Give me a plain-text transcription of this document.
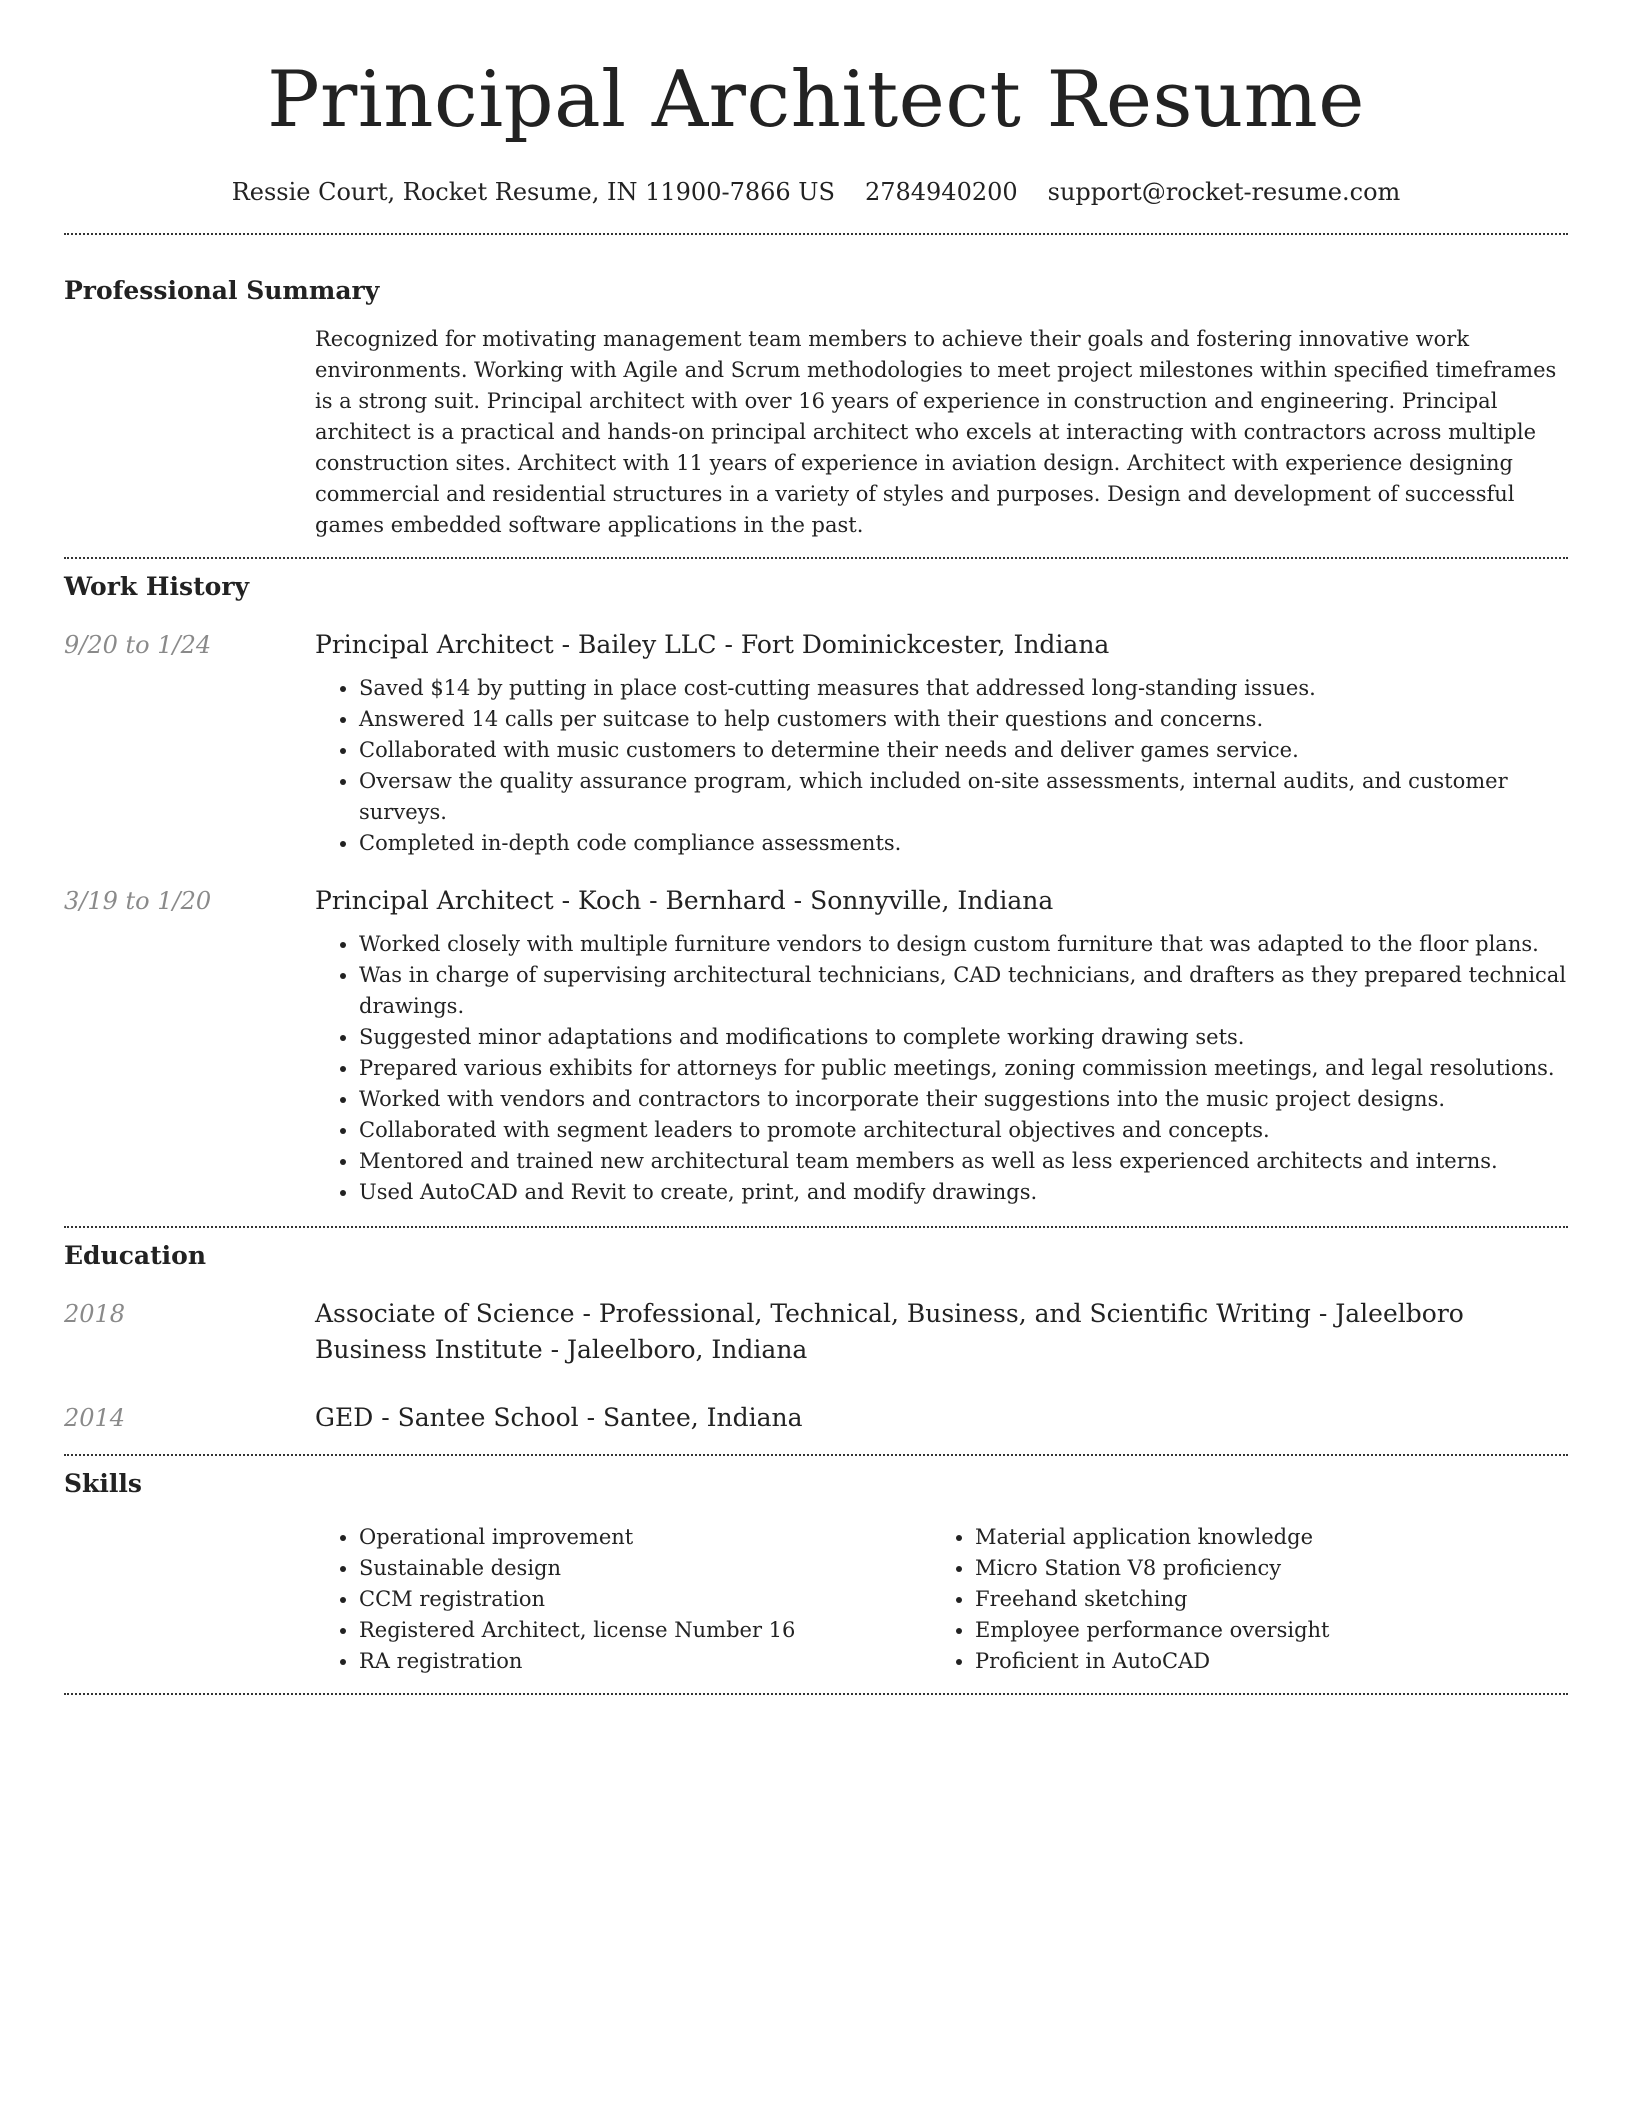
Principal Architect Resume
Ressie Court, Rocket Resume, IN 11900-7866 US 2784940200 support@rocket-resume.com
Professional Summary
Recognized for motivating management team members to achieve their goals and fostering innovative work environments. Working with Agile and Scrum methodologies to meet project milestones within specified timeframes is a strong suit. Principal architect with over 16 years of experience in construction and engineering. Principal architect is a practical and hands-on principal architect who excels at interacting with contractors across multiple construction sites. Architect with 11 years of experience in aviation design. Architect with experience designing commercial and residential structures in a variety of styles and purposes. Design and development of successful games embedded software applications in the past.
Work History
9/20 to 1/24	Principal Architect - Bailey LLC - Fort Dominickcester, Indiana
• Saved $14 by putting in place cost-cutting measures that addressed long-standing issues.
• Answered 14 calls per suitcase to help customers with their questions and concerns.
• Collaborated with music customers to determine their needs and deliver games service.
• Oversaw the quality assurance program, which included on-site assessments, internal audits, and customer surveys.
• Completed in-depth code compliance assessments.
3/19 to 1/20	Principal Architect - Koch - Bernhard - Sonnyville, Indiana
• Worked closely with multiple furniture vendors to design custom furniture that was adapted to the floor plans.
• Was in charge of supervising architectural technicians, CAD technicians, and drafters as they prepared technical drawings.
• Suggested minor adaptations and modifications to complete working drawing sets.
• Prepared various exhibits for attorneys for public meetings, zoning commission meetings, and legal resolutions.
• Worked with vendors and contractors to incorporate their suggestions into the music project designs.
• Collaborated with segment leaders to promote architectural objectives and concepts.
• Mentored and trained new architectural team members as well as less experienced architects and interns.
• Used AutoCAD and Revit to create, print, and modify drawings.
Education
2018	Associate of Science - Professional, Technical, Business, and Scientific Writing - Jaleelboro Business Institute - Jaleelboro, Indiana
2014	GED - Santee School - Santee, Indiana
Skills
• Operational improvement
• Sustainable design
• CCM registration
• Registered Architect, license Number 16
• RA registration
• Material application knowledge
• Micro Station V8 proficiency
• Freehand sketching
• Employee performance oversight
• Proficient in AutoCAD
